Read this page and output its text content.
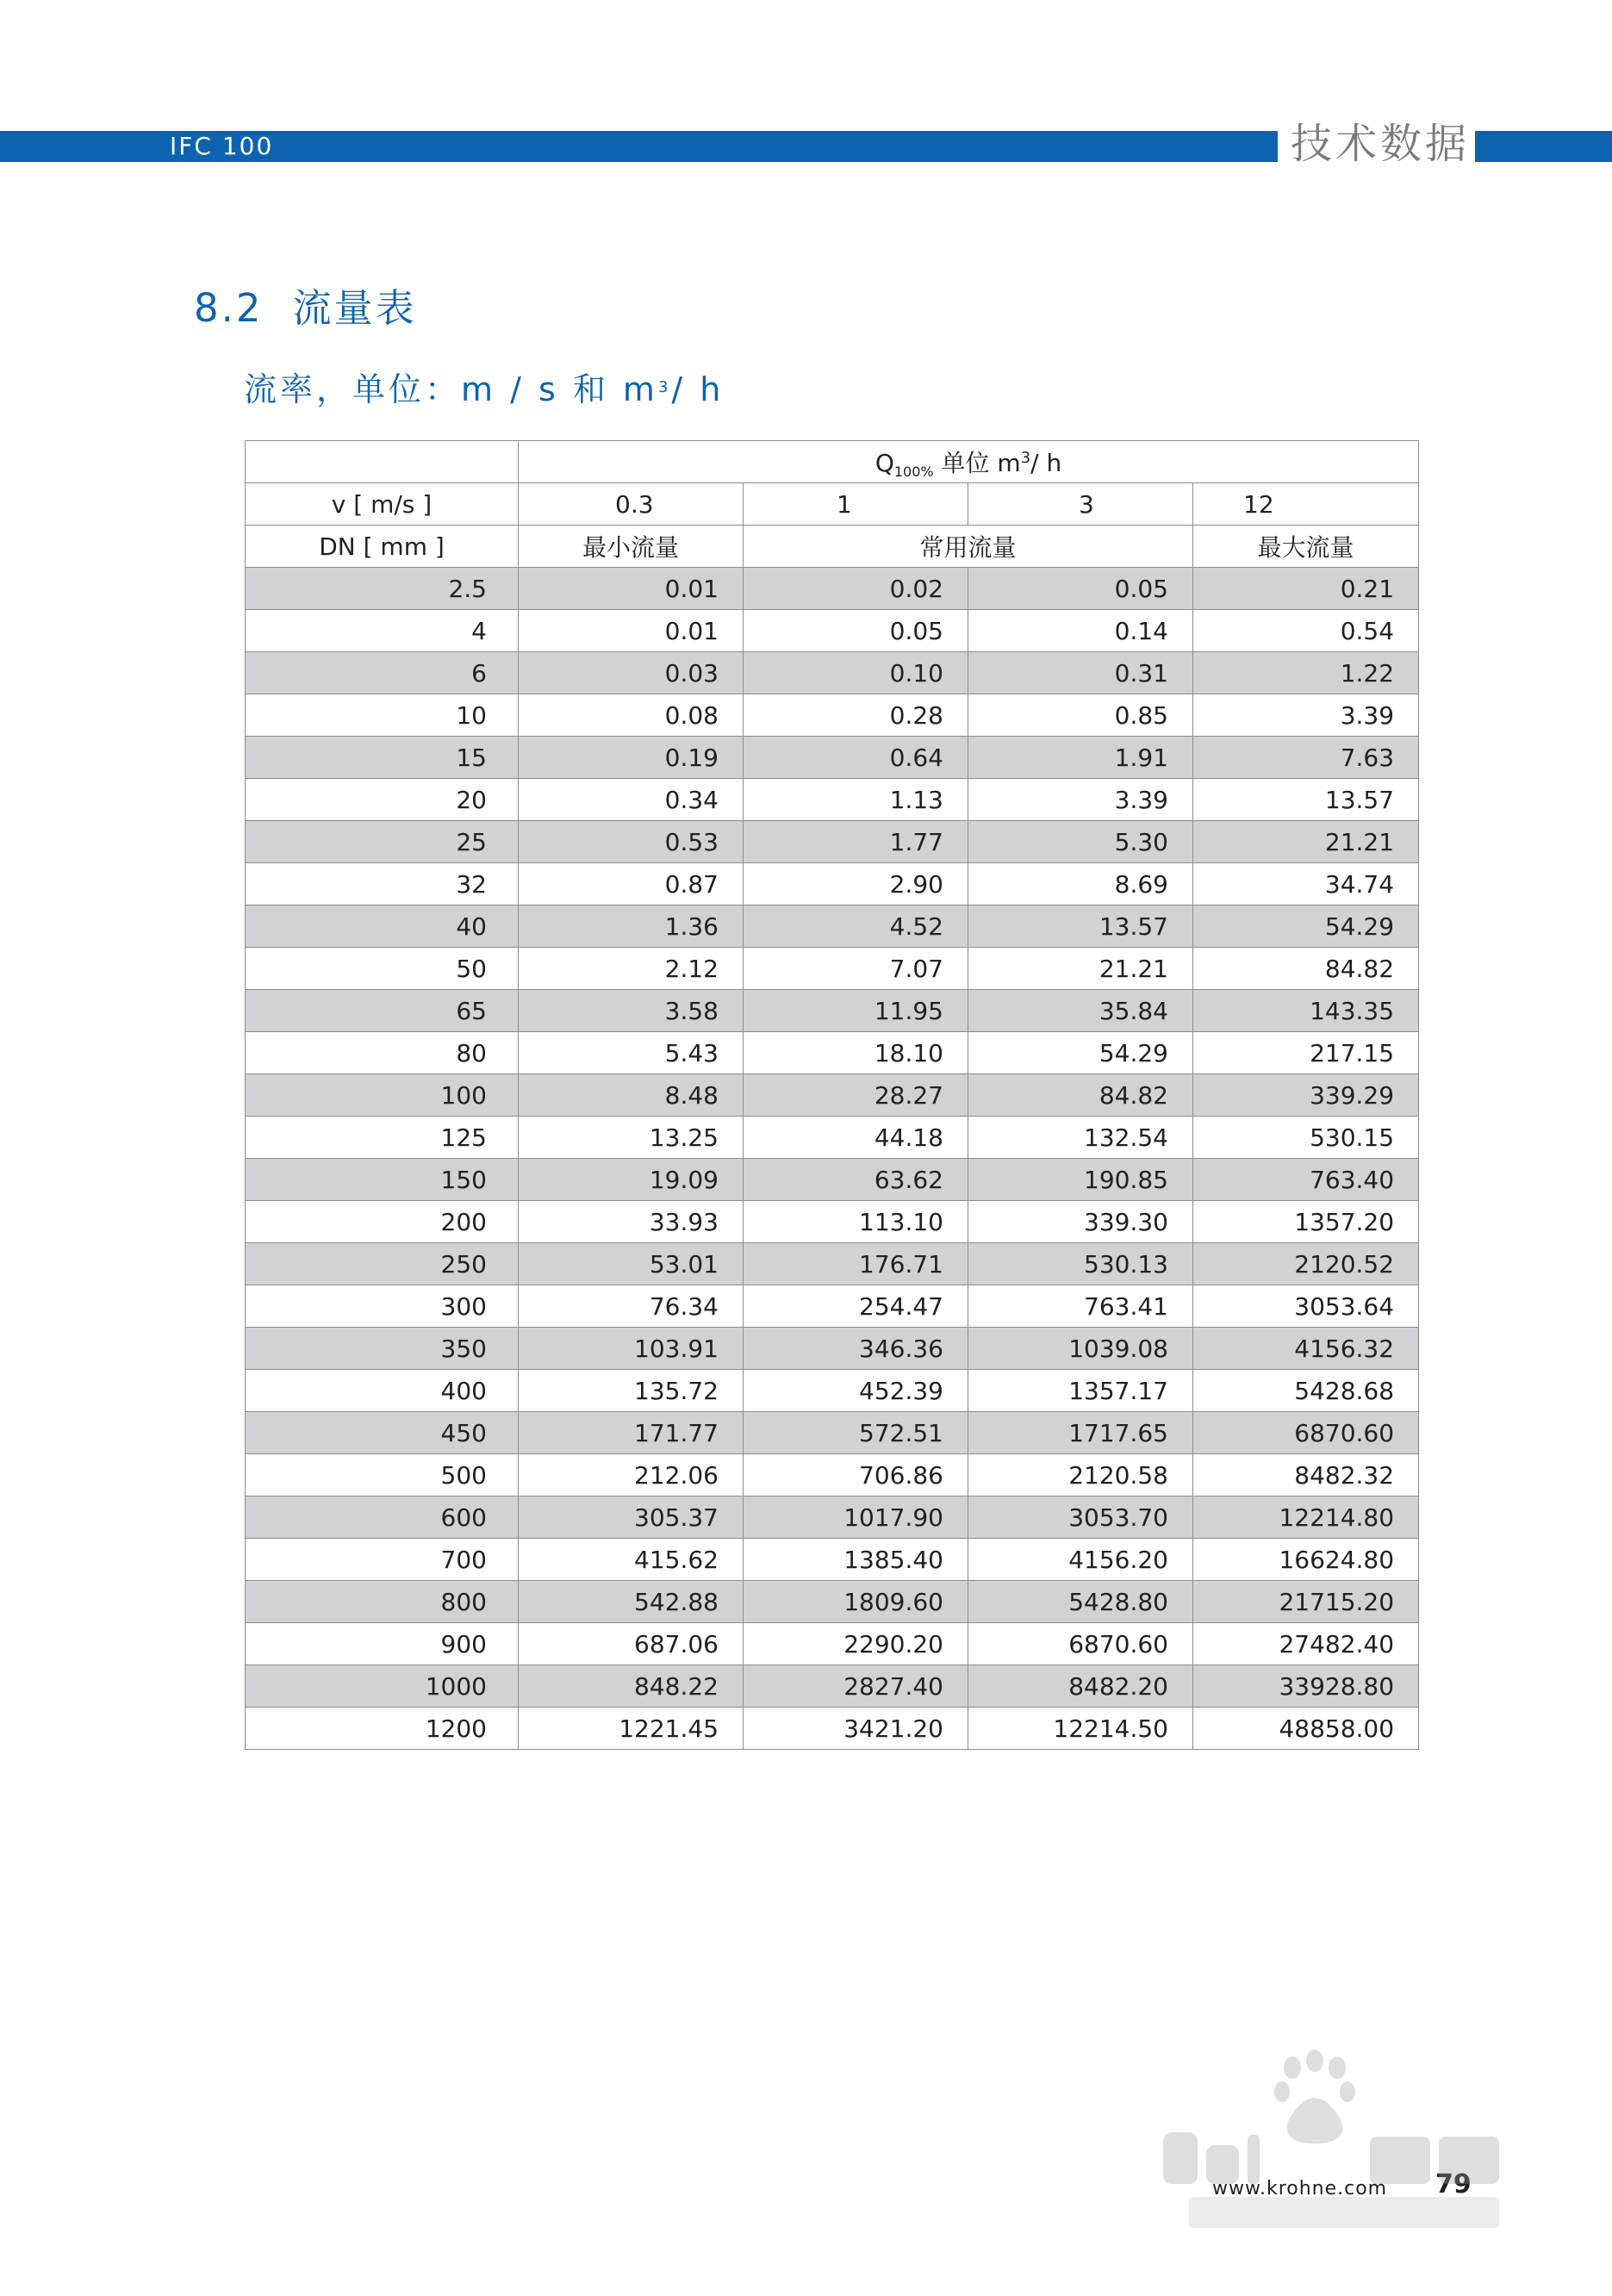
IFC 100	技术数据
8.2 流量表
流率，单位：m / s 和 $m^3/$ h
	$Q_{100\%}$ 单位 $m^3/$ h			
v [ m/s ]	0.3	1	3	12
DN [ mm ]	最小流量	常用流量		最大流量
2.5	0.01	0.02	0.05	0.21
4	0.01	0.05	0.14	0.54
6	0.03	0.10	0.31	1.22
10	0.08	0.28	0.85	3.39
15	0.19	0.64	1.91	7.63
20	0.34	1.13	3.39	13.57
25	0.53	1.77	5.30	21.21
32	0.87	2.90	8.69	34.74
40	1.36	4.52	13.57	54.29
50	2.12	7.07	21.21	84.82
65	3.58	11.95	35.84	143.35
80	5.43	18.10	54.29	217.15
100	8.48	28.27	84.82	339.29
125	13.25	44.18	132.54	530.15
150	19.09	63.62	190.85	763.40
200	33.93	113.10	339.30	1357.20
250	53.01	176.71	530.13	2120.52
300	76.34	254.47	763.41	3053.64
350	103.91	346.36	1039.08	4156.32
400	135.72	452.39	1357.17	5428.68
450	171.77	572.51	1717.65	6870.60
500	212.06	706.86	2120.58	8482.32
600	305.37	1017.90	3053.70	12214.80
700	415.62	1385.40	4156.20	16624.80
800	542.88	1809.60	5428.80	21715.20
900	687.06	2290.20	6870.60	27482.40
1000	848.22	2827.40	8482.20	33928.80
1200	1221.45	3421.20	12214.50	48858.00
www.krohne.com 79
